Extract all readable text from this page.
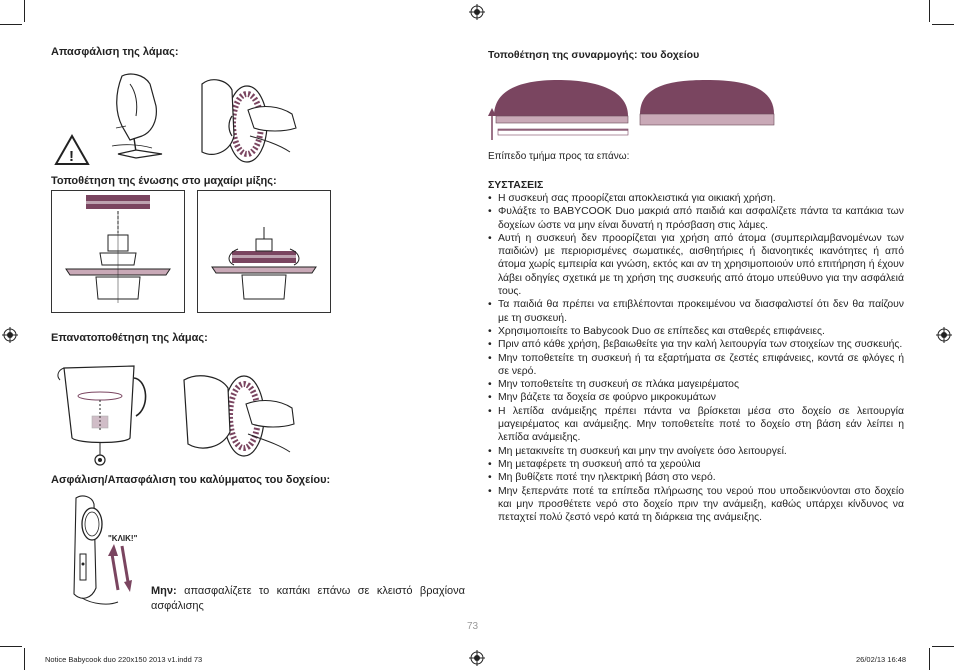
Απασφάλιση της λάμας:
!
Τοποθέτηση της ένωσης στο μαχαίρι μίξης:
Επανατοποθέτηση της λάμας:
Ασφάλιση/Απασφάλιση του καλύμματος του δοχείου:
"ΚΛΙΚ!"
Μην: απασφαλίζετε το καπάκι επάνω σε κλειστό βραχίονα ασφάλισης
73
Τοποθέτηση της συναρμογής: του δοχείου
Επίπεδο τμήμα προς τα επάνω:
ΣΥΣΤΑΣΕΙΣ
• Η συσκευή σας προορίζεται αποκλειστικά για οικιακή χρήση.
• Φυλάξτε το BABYCOOK Duo μακριά από παιδιά και ασφαλίζετε πάντα τα καπάκια των δοχείων ώστε να μην είναι δυνατή η πρόσβαση στις λάμες.
• Αυτή η συσκευή δεν προορίζεται για χρήση από άτομα (συμπεριλαμβανομένων των παιδιών) με περιορισμένες σωματικές, αισθητήριες ή διανοητικές ικανότητες ή από άτομα χωρίς εμπειρία και γνώση, εκτός και αν τη χρησιμοποιούν υπό επιτήρηση ή έχουν λάβει οδηγίες σχετικά με τη χρήση της συσκευής από άτομο υπεύθυνο για την ασφάλειά τους.
• Τα παιδιά θα πρέπει να επιβλέπονται προκειμένου να διασφαλιστεί ότι δεν θα παίζουν με τη συσκευή.
• Χρησιμοποιείτε το Babycook Duo σε επίπεδες και σταθερές επιφάνειες.
• Πριν από κάθε χρήση, βεβαιωθείτε για την καλή λειτουργία των στοιχείων της συσκευής.
• Μην τοποθετείτε τη συσκευή ή τα εξαρτήματα σε ζεστές επιφάνειες, κοντά σε φλόγες ή σε νερό.
• Μην τοποθετείτε τη συσκευή σε πλάκα μαγειρέματος
• Μην βάζετε τα δοχεία σε φούρνο μικροκυμάτων
• Η λεπίδα ανάμειξης πρέπει πάντα να βρίσκεται μέσα στο δοχείο σε λειτουργία μαγειρέματος και ανάμειξης. Μην τοποθετείτε ποτέ το δοχείο στη βάση εάν λείπει η λεπίδα ανάμειξης.
• Μη μετακινείτε τη συσκευή και μην την ανοίγετε όσο λειτουργεί.
• Μη μεταφέρετε τη συσκευή από τα χερούλια
• Μη βυθίζετε ποτέ την ηλεκτρική βάση στο νερό.
• Μην ξεπερνάτε ποτέ τα επίπεδα πλήρωσης του νερού που υποδεικνύονται στο δοχείο και μην προσθέτετε νερό στο δοχείο πριν την ανάμειξη, καθώς υπάρχει κίνδυνος να πεταχτεί πολύ ζεστό νερό κατά τη διάρκεια της ανάμειξης.
Notice Babycook duo 220x150 2013 v1.indd 73	26/02/13 16:48
